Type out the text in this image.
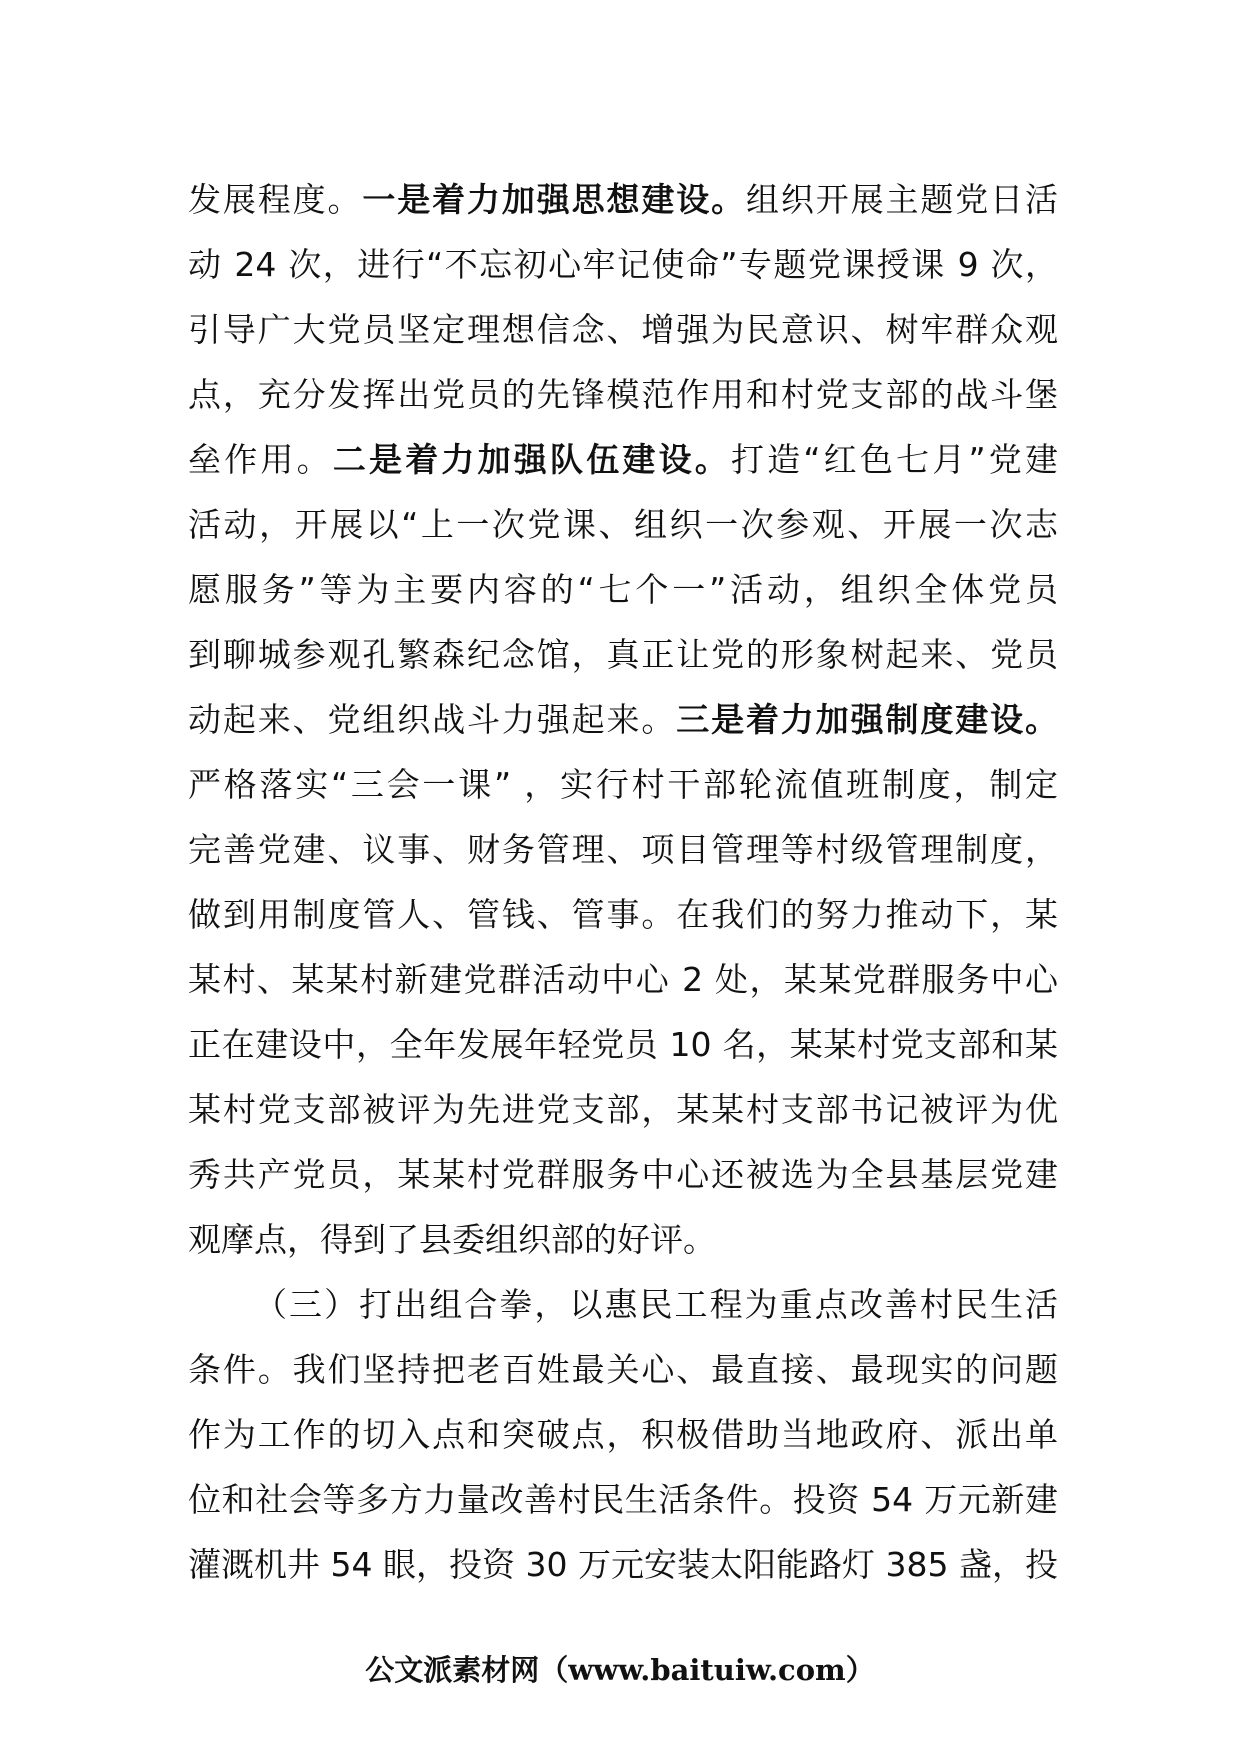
发展程度。一是着力加强思想建设。组织开展主题党日活
动 24 次，进行“不忘初心牢记使命”专题党课授课 9 次，
引导广大党员坚定理想信念、增强为民意识、树牢群众观
点，充分发挥出党员的先锋模范作用和村党支部的战斗堡
垒作用。二是着力加强队伍建设。打造“红色七月”党建
活动，开展以“上一次党课、组织一次参观、开展一次志
愿服务”等为主要内容的“七个一”活动，组织全体党员
到聊城参观孔繁森纪念馆，真正让党的形象树起来、党员
动起来、党组织战斗力强起来。三是着力加强制度建设。
严格落实“三会一课” ，实行村干部轮流值班制度，制定
完善党建、议事、财务管理、项目管理等村级管理制度，
做到用制度管人、管钱、管事。在我们的努力推动下，某
某村、某某村新建党群活动中心 2 处，某某党群服务中心
正在建设中，全年发展年轻党员 10 名，某某村党支部和某
某村党支部被评为先进党支部，某某村支部书记被评为优
秀共产党员，某某村党群服务中心还被选为全县基层党建
观摩点，得到了县委组织部的好评。
（三）打出组合拳，以惠民工程为重点改善村民生活
条件。我们坚持把老百姓最关心、最直接、最现实的问题
作为工作的切入点和突破点，积极借助当地政府、派出单
位和社会等多方力量改善村民生活条件。投资 54 万元新建
灌溉机井 54 眼，投资 30 万元安装太阳能路灯 385 盏，投
公文派素材网（www.baituiw.com）
